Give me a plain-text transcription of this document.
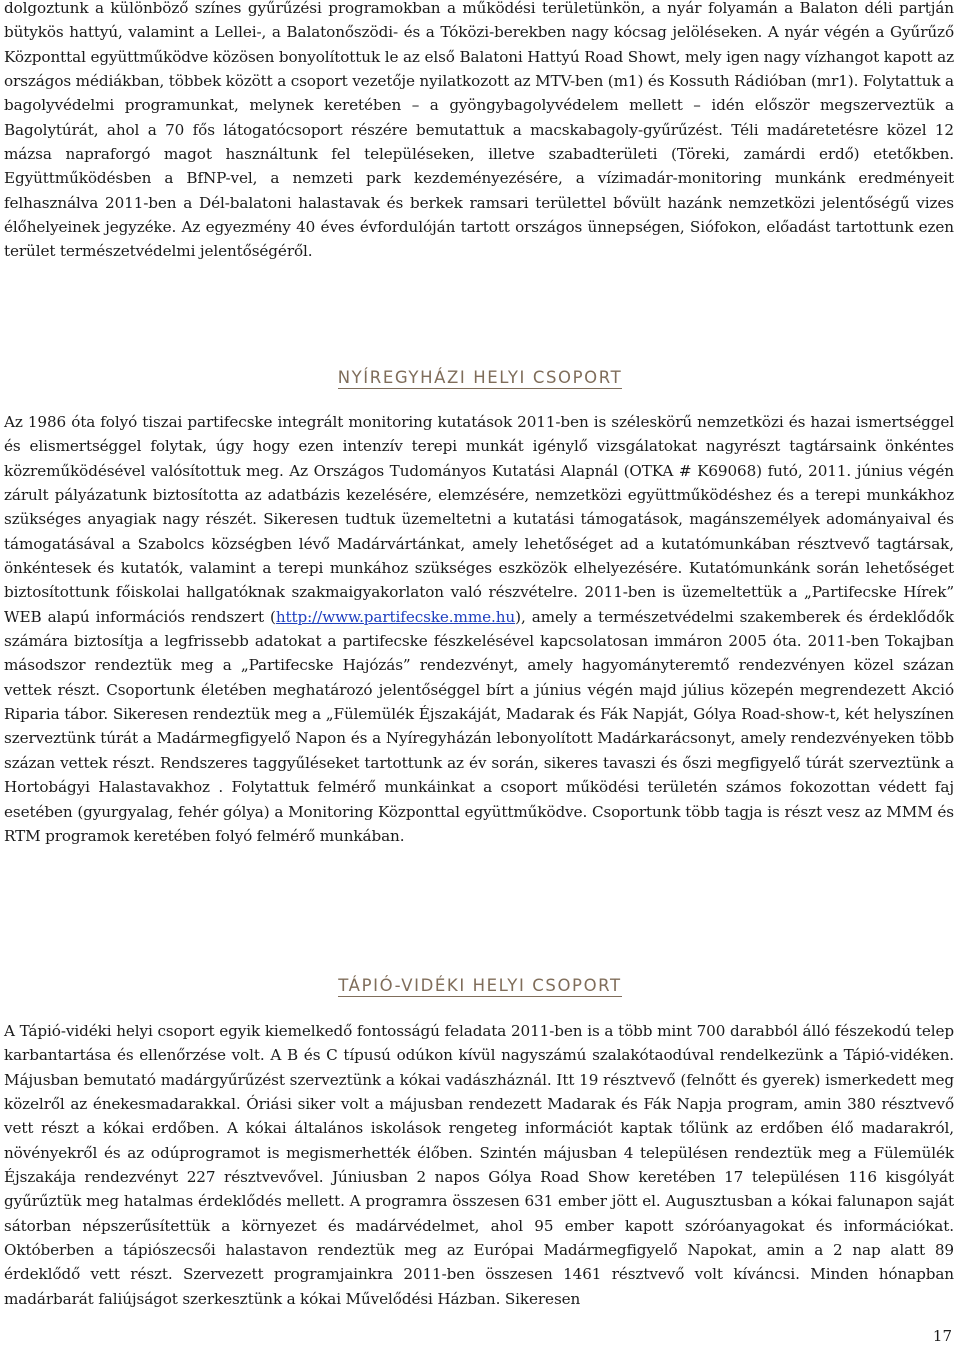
dolgoztunk a különböző színes gyűrűzési programokban a működési területünkön, a nyár folyamán a Balaton déli partján bütykös hattyú, valamint a Lellei-, a Balatonőszödi- és a Tóközi-berekben nagy kócsag jelöléseken. A nyár végén a Gyűrűző Központtal együttműködve közösen bonyolítottuk le az első Balatoni Hattyú Road Showt, mely igen nagy vízhangot kapott az országos médiákban, többek között a csoport vezetője nyilatkozott az MTV-ben (m1) és Kossuth Rádióban (mr1). Folytattuk a bagolyvédelmi programunkat, melynek keretében – a gyöngybagolyvédelem mellett – idén először megszerveztük a Bagolytúrát, ahol a 70 fős látogatócsoport részére bemutattuk a macskabagoly-gyűrűzést. Téli madáretetésre közel 12 mázsa napraforgó magot használtunk fel településeken, illetve szabadterületi (Töreki, zamárdi erdő) etetőkben. Együttműködésben a BfNP-vel, a nemzeti park kezdeményezésére, a vízimadár-monitoring munkánk eredményeit felhasználva 2011-ben a Dél-balatoni halastavak és berkek ramsari területtel bővült hazánk nemzetközi jelentőségű vizes élőhelyeinek jegyzéke. Az egyezmény 40 éves évfordulóján tartott országos ünnepségen, Siófokon, előadást tartottunk ezen terület természetvédelmi jelentőségéről.

NYÍREGYHÁZI HELYI CSOPORT

Az 1986 óta folyó tiszai partifecske integrált monitoring kutatások 2011-ben is széleskörű nemzetközi és hazai ismertséggel és elismertséggel folytak, úgy hogy ezen intenzív terepi munkát igénylő vizsgálatokat nagyrészt tagtársaink önkéntes közreműködésével valósítottuk meg. Az Országos Tudományos Kutatási Alapnál (OTKA # K69068) futó, 2011. június végén zárult pályázatunk biztosította az adatbázis kezelésére, elemzésére, nemzetközi együttműködéshez és a terepi munkákhoz szükséges anyagiak nagy részét. Sikeresen tudtuk üzemeltetni a kutatási támogatások, magánszemélyek adományaival és támogatásával a Szabolcs községben lévő Madárvártánkat, amely lehetőséget ad a kutatómunkában résztvevő tagtársak, önkéntesek és kutatók, valamint a terepi munkához szükséges eszközök elhelyezésére. Kutatómunkánk során lehetőséget biztosítottunk főiskolai hallgatóknak szakmaigyakorlaton való részvételre. 2011-ben is üzemeltettük a „Partifecske Hírek” WEB alapú információs rendszert (http://www.partifecske.mme.hu), amely a természetvédelmi szakemberek és érdeklődők számára biztosítja a legfrissebb adatokat a partifecske fészkelésével kapcsolatosan immáron 2005 óta. 2011-ben Tokajban másodszor rendeztük meg a „Partifecske Hajózás” rendezvényt, amely hagyományteremtő rendezvényen közel százan vettek részt. Csoportunk életében meghatározó jelentőséggel bírt a június végén majd július közepén megrendezett Akció Riparia tábor. Sikeresen rendeztük meg a „Fülemülék Éjszakáját, Madarak és Fák Napját, Gólya Road-show-t, két helyszínen szerveztünk túrát a Madármegfigyelő Napon és a Nyíregyházán lebonyolított Madárkarácsonyt, amely rendezvényeken több százan vettek részt. Rendszeres taggyűléseket tartottunk az év során, sikeres tavaszi és őszi megfigyelő túrát szerveztünk a Hortobágyi Halastavakhoz . Folytattuk felmérő munkáinkat a csoport működési területén számos fokozottan védett faj esetében (gyurgyalag, fehér gólya) a Monitoring Központtal együttműködve. Csoportunk több tagja is részt vesz az MMM és RTM programok keretében folyó felmérő munkában.

TÁPIÓ-VIDÉKI HELYI CSOPORT

A Tápió-vidéki helyi csoport egyik kiemelkedő fontosságú feladata 2011-ben is a több mint 700 darabból álló fészekodú telep karbantartása és ellenőrzése volt. A B és C típusú odúkon kívül nagyszámú szalakótaodúval rendelkezünk a Tápió-vidéken. Májusban bemutató madárgyűrűzést szerveztünk a kókai vadászháznál. Itt 19 résztvevő (felnőtt és gyerek) ismerkedett meg közelről az énekesmadarakkal. Óriási siker volt a májusban rendezett Madarak és Fák Napja program, amin 380 résztvevő vett részt a kókai erdőben. A kókai általános iskolások rengeteg információt kaptak tőlünk az erdőben élő madarakról, növényekről és az odúprogramot is megismerhették élőben. Szintén májusban 4 településen rendeztük meg a Fülemülék Éjszakája rendezvényt 227 résztvevővel. Júniusban 2 napos Gólya Road Show keretében 17 településen 116 kisgólyát gyűrűztük meg hatalmas érdeklődés mellett. A programra összesen 631 ember jött el. Augusztusban a kókai falunapon saját sátorban népszerűsítettük a környezet és madárvédelmet, ahol 95 ember kapott szóróanyagokat és információkat. Októberben a tápiószecsői halastavon rendeztük meg az Európai Madármegfigyelő Napokat, amin a 2 nap alatt 89 érdeklődő vett részt. Szervezett programjainkra 2011-ben összesen 1461 résztvevő volt kíváncsi. Minden hónapban madárbarát faliújságot szerkesztünk a kókai Művelődési Házban. Sikeresen

17
